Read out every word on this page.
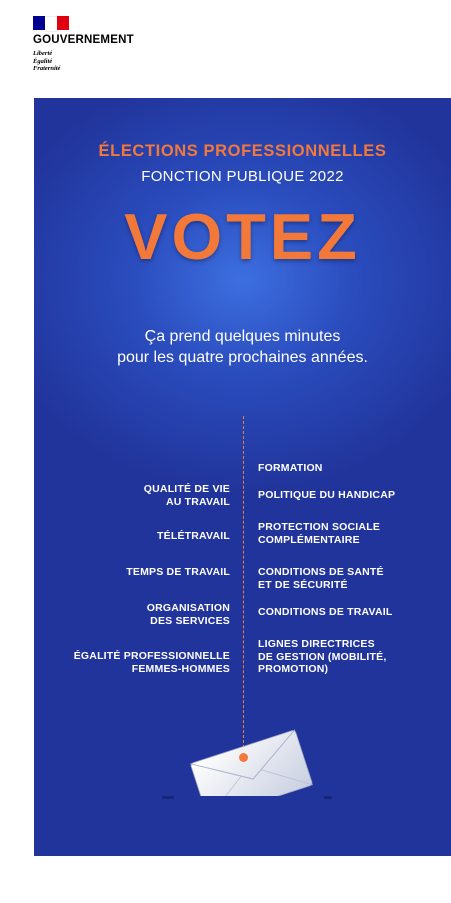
GOUVERNEMENT
Liberté
Égalité
Fraternité
ÉLECTIONS PROFESSIONNELLES
FONCTION PUBLIQUE 2022
VOTEZ
Ça prend quelques minutes
pour les quatre prochaines années.
QUALITÉ DE VIE
AU TRAVAIL
TÉLÉTRAVAIL
TEMPS DE TRAVAIL
ORGANISATION
DES SERVICES
ÉGALITÉ PROFESSIONNELLE
FEMMES-HOMMES
FORMATION
POLITIQUE DU HANDICAP
PROTECTION SOCIALE
COMPLÉMENTAIRE
CONDITIONS DE SANTÉ
ET DE SÉCURITÉ
CONDITIONS DE TRAVAIL
LIGNES DIRECTRICES
DE GESTION (MOBILITÉ,
PROMOTION)
